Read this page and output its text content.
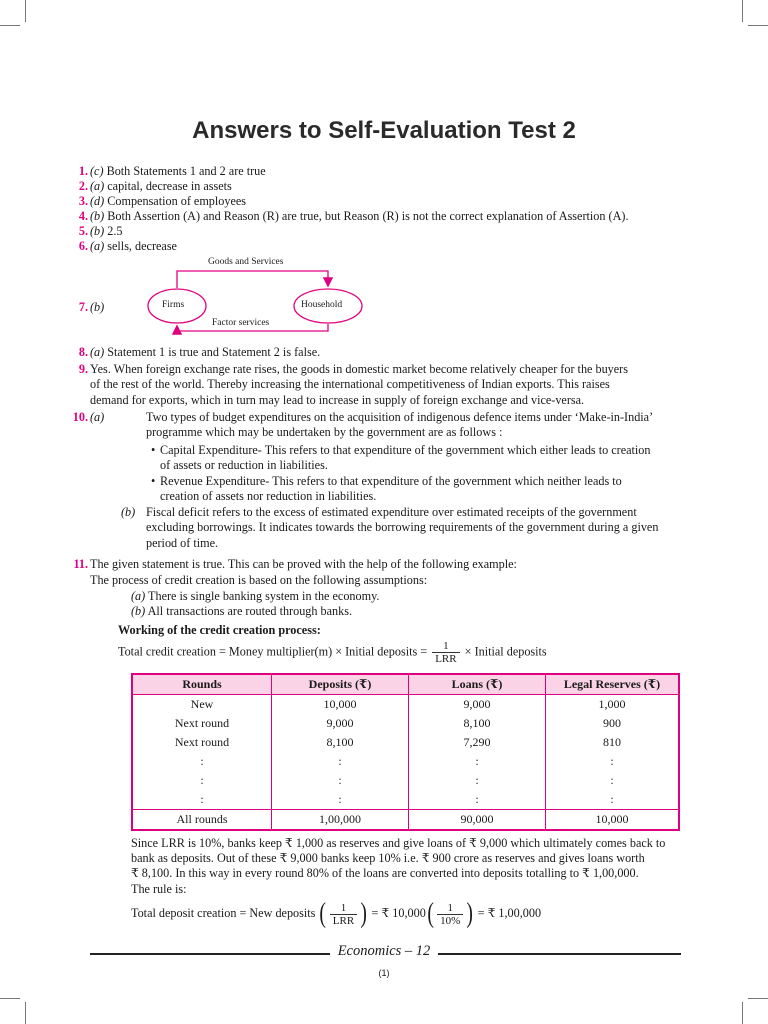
Answers to Self-Evaluation Test 2
1. (c) Both Statements 1 and 2 are true
2. (a) capital, decrease in assets
3. (d) Compensation of employees
4. (b) Both Assertion (A) and Reason (R) are true, but Reason (R) is not the correct explanation of Assertion (A).
5. (b) 2.5
6. (a) sells, decrease
7. (b)
Goods and Services
Firms	Household
Factor services
8. (a) Statement 1 is true and Statement 2 is false.
9. Yes. When foreign exchange rate rises, the goods in domestic market become relatively cheaper for the buyers
of the rest of the world. Thereby increasing the international competitiveness of Indian exports. This raises
demand for exports, which in turn may lead to increase in supply of foreign exchange and vice-versa.
10. (a)	Two types of budget expenditures on the acquisition of indigenous defence items under ‘Make-in-India’
programme which may be undertaken by the government are as follows :
• Capital Expenditure- This refers to that expenditure of the government which either leads to creation
of assets or reduction in liabilities.
• Revenue Expenditure- This refers to that expenditure of the government which neither leads to
creation of assets nor reduction in liabilities.
(b) Fiscal deficit refers to the excess of estimated expenditure over estimated receipts of the government
excluding borrowings. It indicates towards the borrowing requirements of the government during a given
period of time.
11. The given statement is true. This can be proved with the help of the following example:
The process of credit creation is based on the following assumptions:
(a) There is single banking system in the economy.
(b) All transactions are routed through banks.
Working of the credit creation process:
Total credit creation = Money multiplier(m) × Initial deposits = $\frac{1}{\text{LRR}}$ × Initial deposits
Rounds	Deposits (₹)	Loans (₹)	Legal Reserves (₹)
New	10,000	9,000	1,000
Next round	9,000	8,100	900
Next round	8,100	7,290	810
:	:	:	:
:	:	:	:
:	:	:	:
All rounds	1,00,000	90,000	10,000
Since LRR is 10%, banks keep ₹ 1,000 as reserves and give loans of ₹ 9,000 which ultimately comes back to
bank as deposits. Out of these ₹ 9,000 banks keep 10% i.e. ₹ 900 crore as reserves and gives loans worth
₹ 8,100. In this way in every round 80% of the loans are converted into deposits totalling to ₹ 1,00,000.
The rule is:
Total deposit creation = New deposits ( $\frac{1}{\text{LRR}}$ ) = ₹ $10,000( \frac{1}{10\%}$ ) = ₹ 1,00,000
Economics – 12
(1)
